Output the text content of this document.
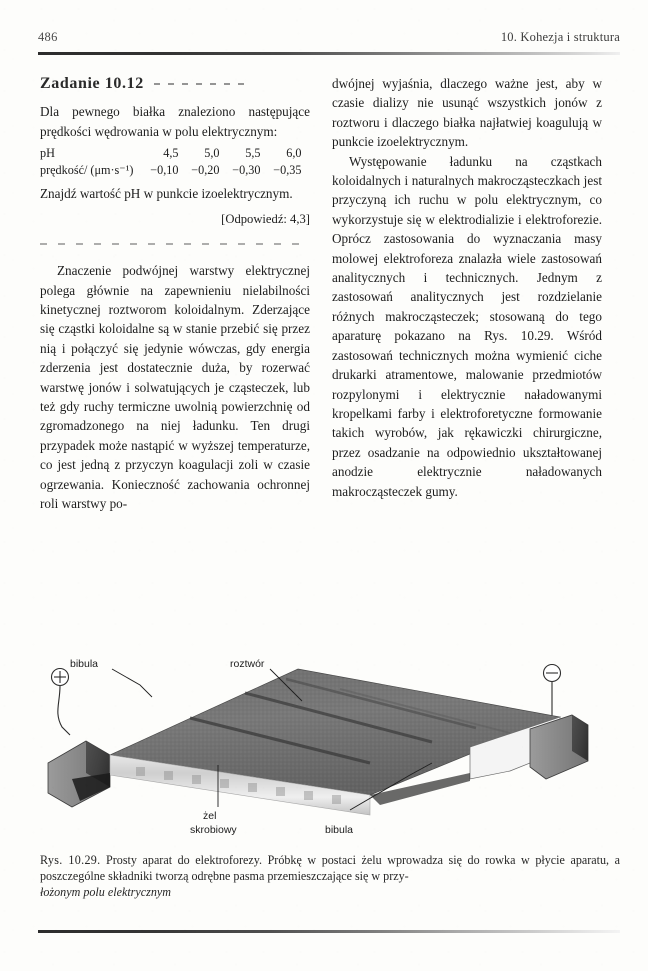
486	10. Kohezja i struktura
Zadanie 10.12

Dla pewnego białka znaleziono następujące prędkości wędrowania w polu elektrycznym:

pH	4,5	5,0	5,5	6,0
prędkość/ (μm·s⁻¹)	−0,10	−0,20	−0,30	−0,35

Znajdź wartość pH w punkcie izoelektrycznym.

[Odpowiedź: 4,3]

Znaczenie podwójnej warstwy elektrycznej polega głównie na zapewnieniu nielabilności kinetycznej roztworom koloidalnym. Zderzające się cząstki koloidalne są w stanie przebić się przez nią i połączyć się jedynie wówczas, gdy energia zderzenia jest dostatecznie duża, by rozerwać warstwę jonów i solwatujących je cząsteczek, lub też gdy ruchy termiczne uwolnią powierzchnię od zgromadzonego na niej ładunku. Ten drugi przypadek może nastąpić w wyższej temperaturze, co jest jedną z przyczyn koagulacji zoli w czasie ogrzewania. Konieczność zachowania ochronnej roli warstwy po-

dwójnej wyjaśnia, dlaczego ważne jest, aby w czasie dializy nie usunąć wszystkich jonów z roztworu i dlaczego białka najłatwiej koagulują w punkcie izoelektrycznym.

Występowanie ładunku na cząstkach koloidalnych i naturalnych makrocząsteczkach jest przyczyną ich ruchu w polu elektrycznym, co wykorzystuje się w elektrodializie i elektroforezie. Oprócz zastosowania do wyznaczania masy molowej elektroforeza znalazła wiele zastosowań analitycznych i technicznych. Jednym z zastosowań analitycznych jest rozdzielanie różnych makrocząsteczek; stosowaną do tego aparaturę pokazano na Rys. 10.29. Wśród zastosowań technicznych można wymienić ciche drukarki atramentowe, malowanie przedmiotów rozpylonymi i elektrycznie naładowanymi kropelkami farby i elektroforetyczne formowanie takich wyrobów, jak rękawiczki chirurgiczne, przez osadzanie na odpowiednio ukształtowanej anodzie elektrycznie naładowanych makrocząsteczek gumy.

bibula	roztwór
żel
skrobiowy	bibula
Rys. 10.29. Prosty aparat do elektroforezy. Próbkę w postaci żelu wprowadza się do rowka w płycie aparatu, a poszczególne składniki tworzą odrębne pasma przemieszczające się w przy-
łożonym polu elektrycznym
